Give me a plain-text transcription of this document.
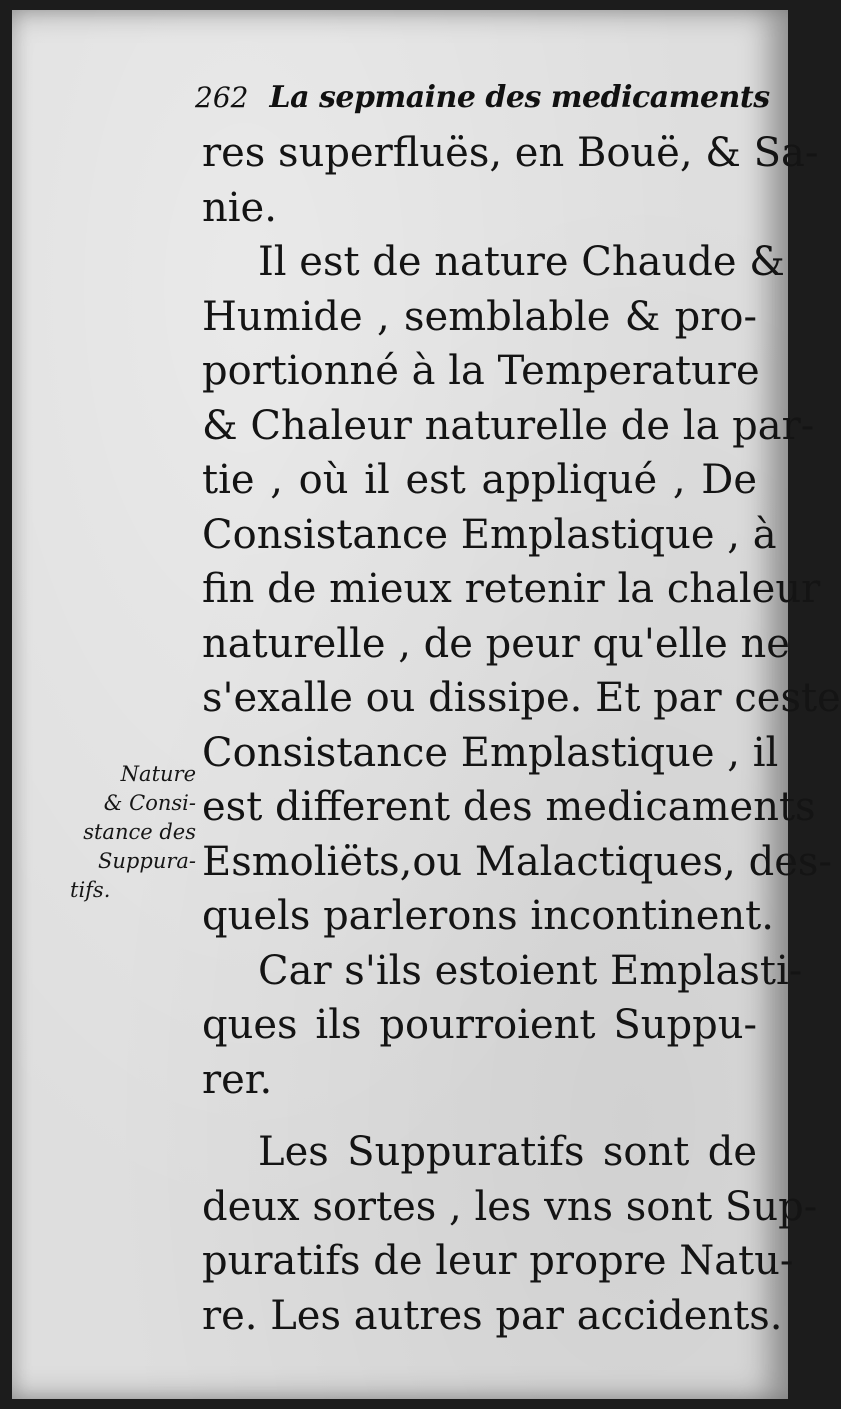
262 La sepmaine des medicaments
res superfluës, en Bouë, & Sa-
nie.
Il est de nature Chaude &
Humide , semblable & pro-
portionné à la Temperature
& Chaleur naturelle de la par-
tie , où il est appliqué , De
Consistance Emplastique , à
fin de mieux retenir la chaleur
naturelle , de peur qu'elle ne
s'exalle ou dissipe. Et par ceste
Consistance Emplastique , il
est different des medicaments
Esmoliëts,ou Malactiques, des-
quels parlerons incontinent.
Car s'ils estoient Emplasti-
ques ils pourroient Suppu-
rer.
Les Suppuratifs sont de
deux sortes , les vns sont Sup-
puratifs de leur propre Natu-
re. Les autres par accidents.
Nature
& Consi-
stance des
Suppura-
tifs.
